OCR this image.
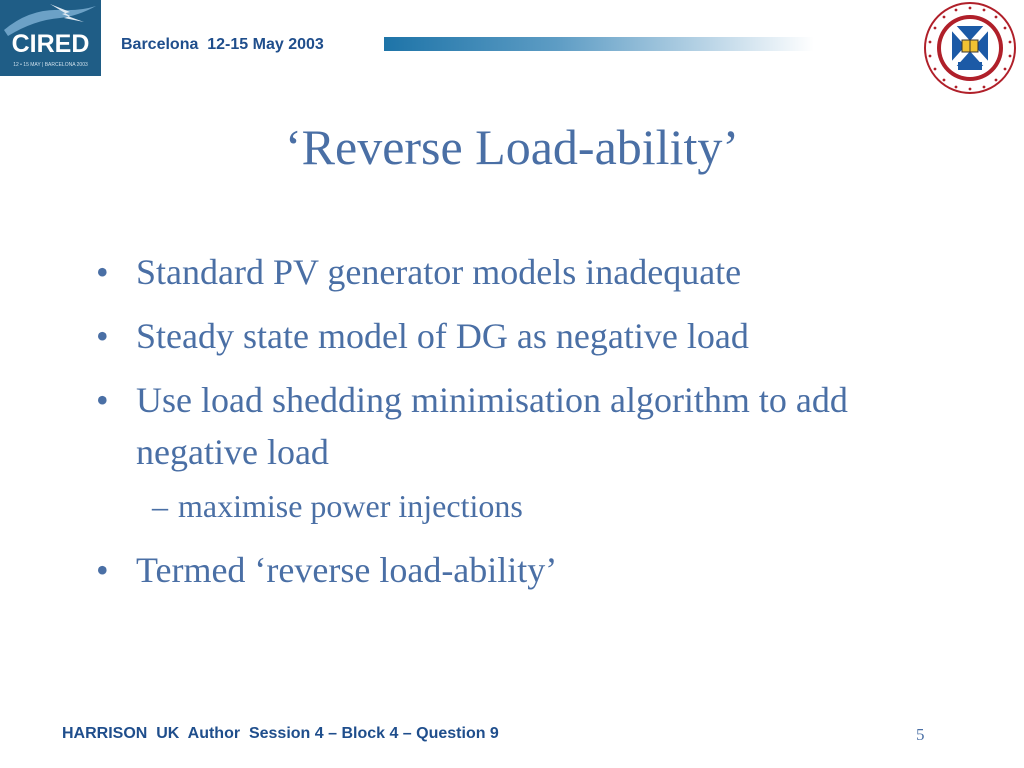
CIRED
12 • 15 MAY | BARCELONA 2003
Barcelona  12-15 May 2003
‘Reverse Load-ability’
• Standard PV generator models inadequate
• Steady state model of DG as negative load
• Use load shedding minimisation algorithm to add negative load
– maximise power injections
• Termed ‘reverse load-ability’
HARRISON  UK  Author  Session 4 – Block 4 – Question 9	5
